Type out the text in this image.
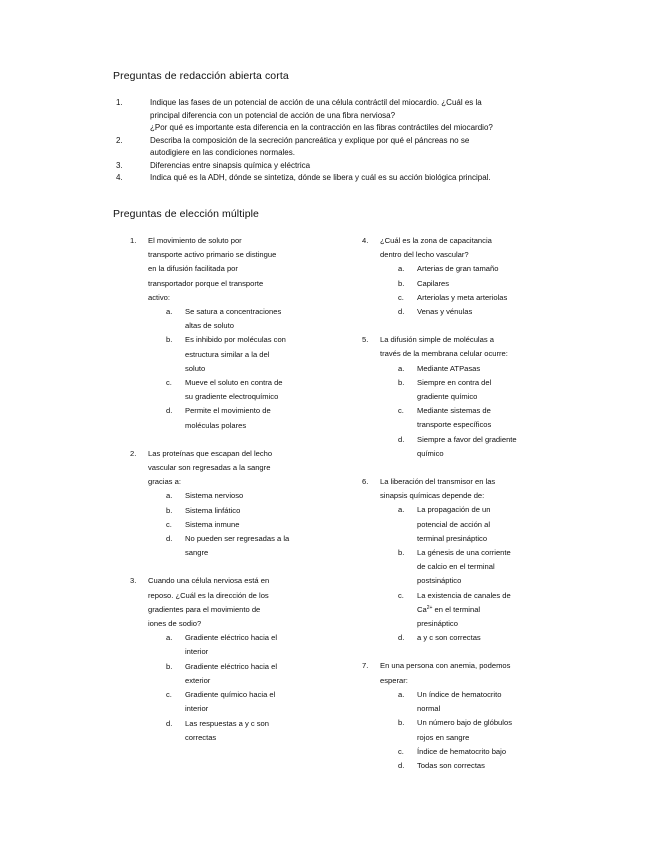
Preguntas de redacción abierta corta
1.	Indique las fases de un potencial de acción de una célula contráctil del miocardio. ¿Cuál es la
principal diferencia con un potencial de acción de una fibra nerviosa?
¿Por qué es importante esta diferencia en la contracción en las fibras contráctiles del miocardio?
2.	Describa la composición de la secreción pancreática y explique por qué el páncreas no se
autodigiere en las condiciones normales.
3.	Diferencias entre sinapsis química y eléctrica
4.	Indica qué es la ADH, dónde se sintetiza, dónde se libera y cuál es su acción biológica principal.
Preguntas de elección múltiple
1.	El movimiento de soluto por
transporte activo primario se distingue
en la difusión facilitada por
transportador porque el transporte
activo:
a.	Se satura a concentraciones
altas de soluto
b.	Es inhibido por moléculas con
estructura similar a la del
soluto
c.	Mueve el soluto en contra de
su gradiente electroquímico
d.	Permite el movimiento de
moléculas polares
2.	Las proteínas que escapan del lecho
vascular son regresadas a la sangre
gracias a:
a.	Sistema nervioso
b.	Sistema linfático
c.	Sistema inmune
d.	No pueden ser regresadas a la
sangre
3.	Cuando una célula nerviosa está en
reposo. ¿Cuál es la dirección de los
gradientes para el movimiento de
iones de sodio?
a.	Gradiente eléctrico hacia el
interior
b.	Gradiente eléctrico hacia el
exterior
c.	Gradiente químico hacia el
interior
d.	Las respuestas a y c son
correctas
4.	¿Cuál es la zona de capacitancia
dentro del lecho vascular?
a.	Arterias de gran tamaño
b.	Capilares
c.	Arteriolas y meta arteriolas
d.	Venas y vénulas
5.	La difusión simple de moléculas a
través de la membrana celular ocurre:
a.	Mediante ATPasas
b.	Siempre en contra del
gradiente químico
c.	Mediante sistemas de
transporte específicos
d.	Siempre a favor del gradiente
químico
6.	La liberación del transmisor en las
sinapsis químicas depende de:
a.	La propagación de un
potencial de acción al
terminal presináptico
b.	La génesis de una corriente
de calcio en el terminal
postsináptico
c.	La existencia de canales de
$Ca^{2+}$ en el terminal
presináptico
d.	a y c son correctas
7.	En una persona con anemia, podemos
esperar:
a.	Un índice de hematocrito
normal
b.	Un número bajo de glóbulos
rojos en sangre
c.	Índice de hematocrito bajo
d.	Todas son correctas
